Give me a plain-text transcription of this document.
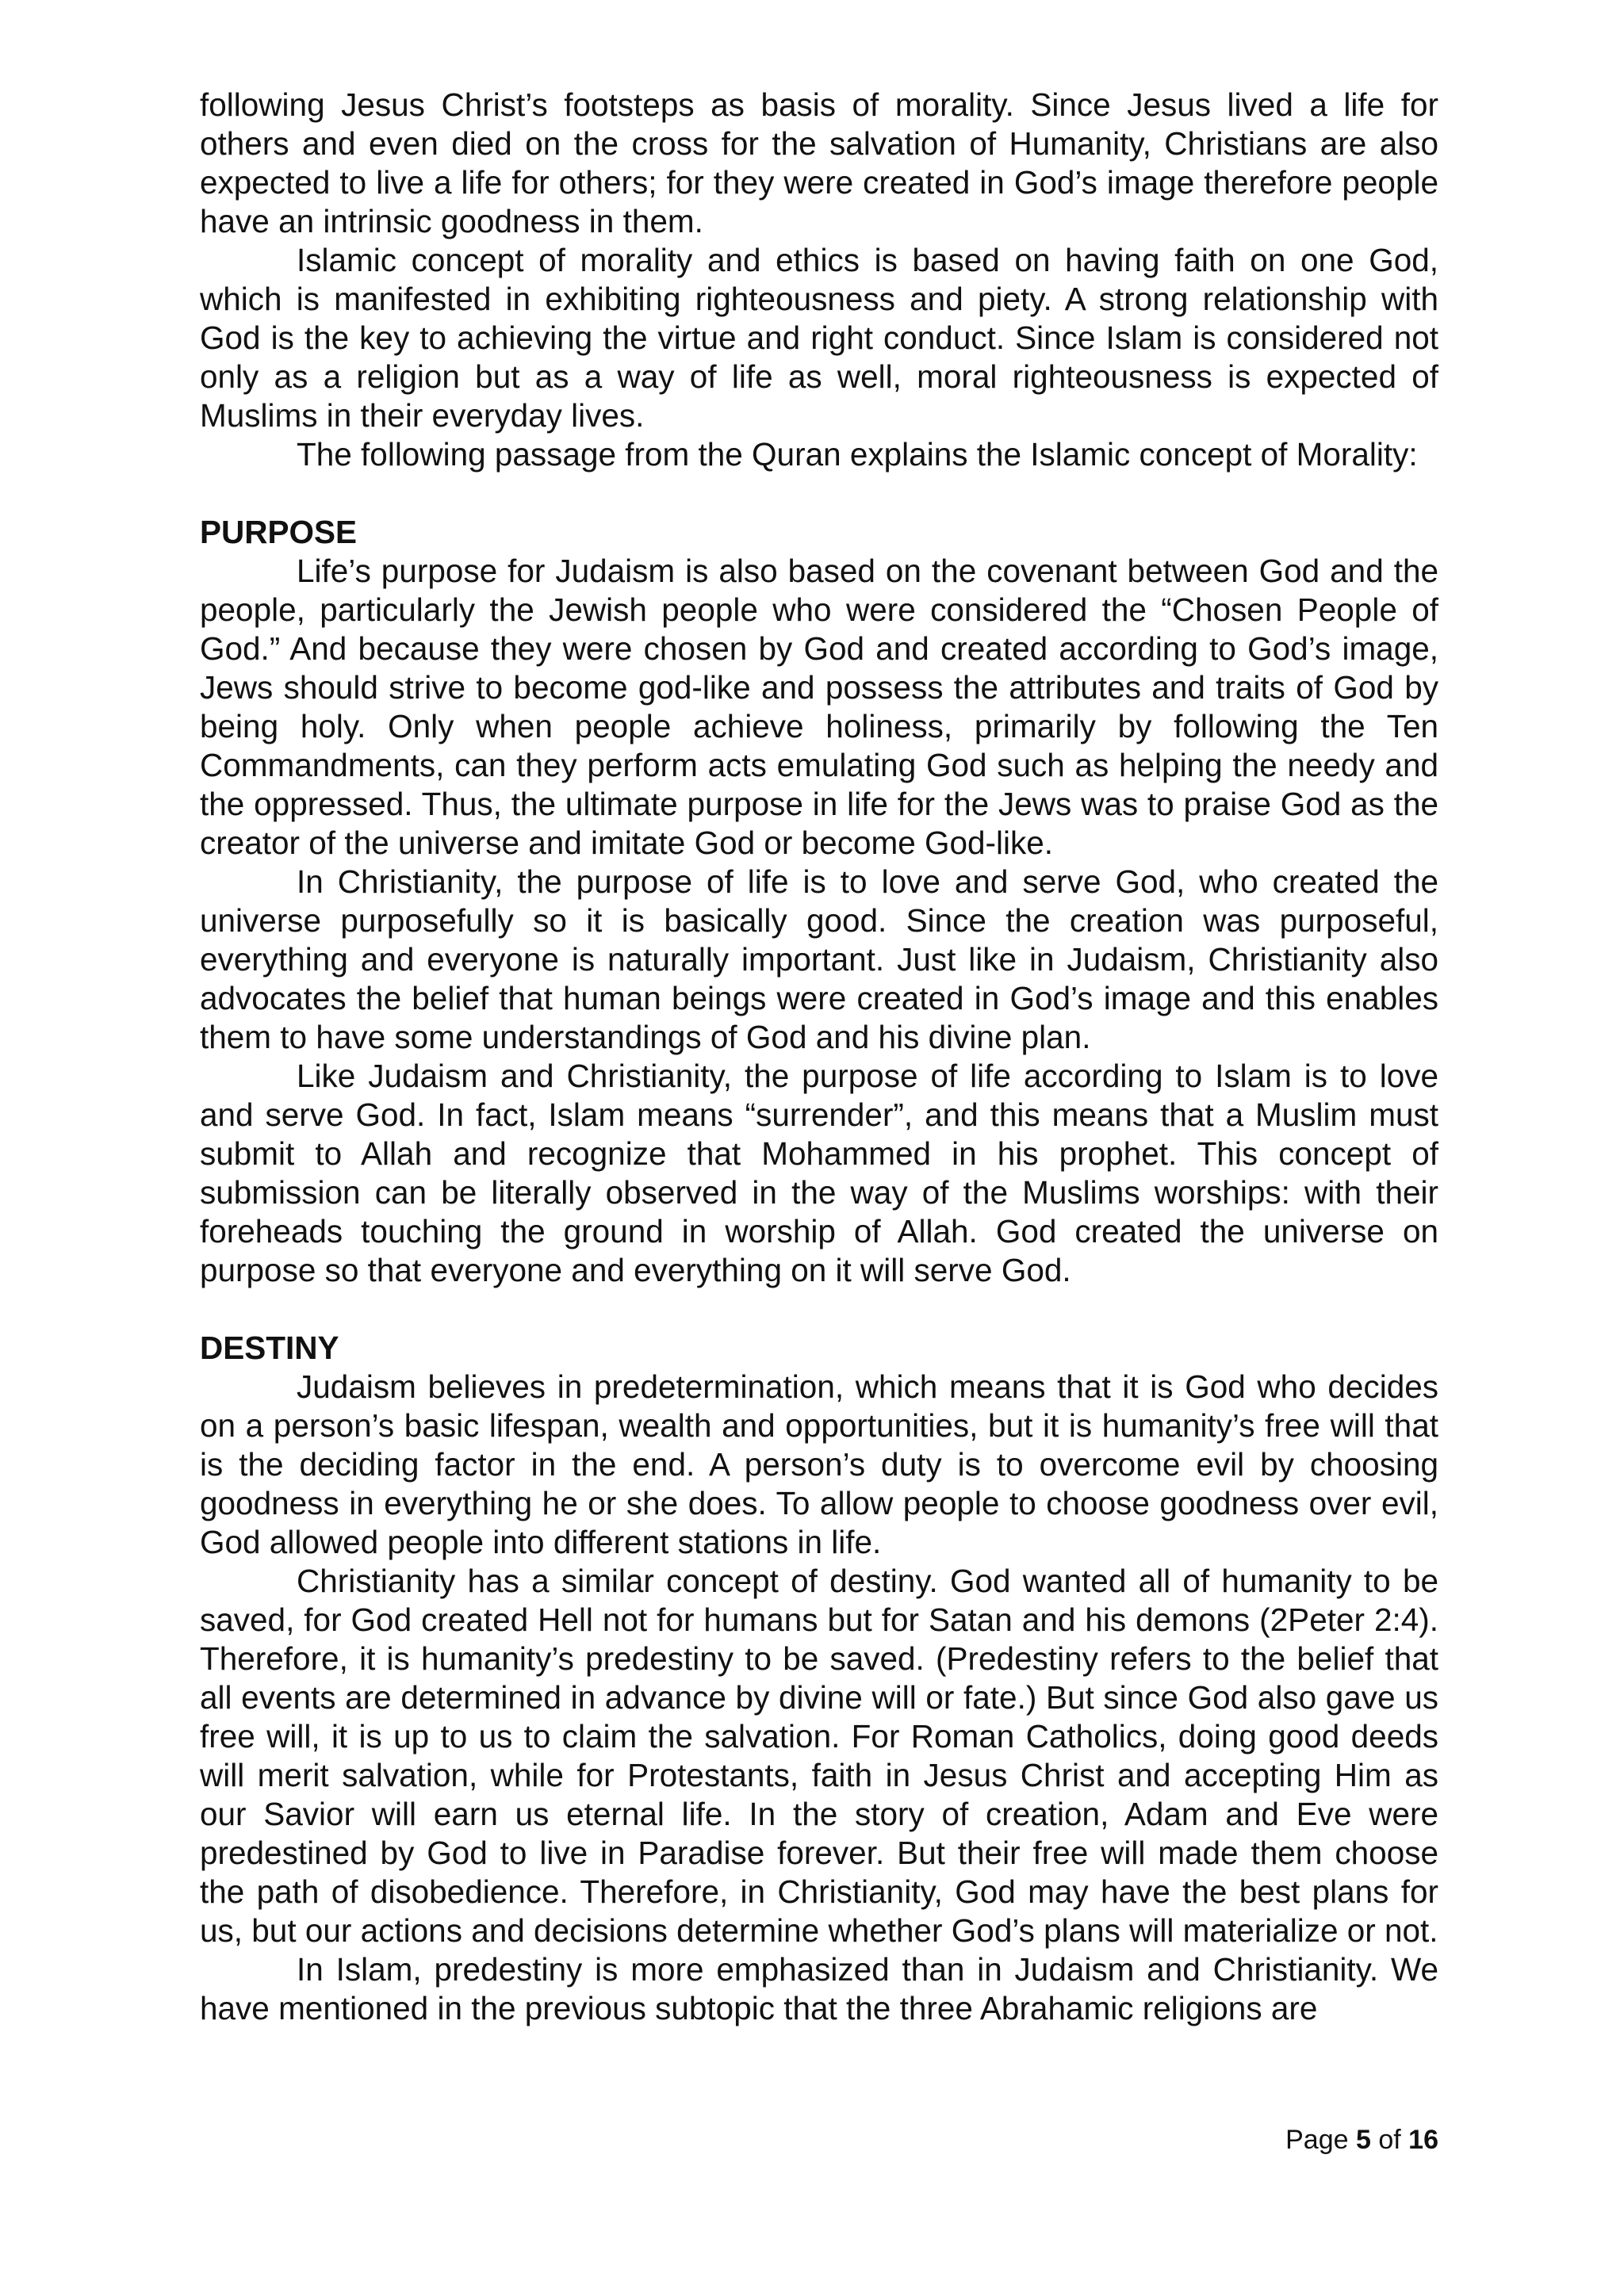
following Jesus Christ’s footsteps as basis of morality. Since Jesus lived a life for others and even died on the cross for the salvation of Humanity, Christians are also expected to live a life for others; for they were created in God’s image therefore people have an intrinsic goodness in them.

Islamic concept of morality and ethics is based on having faith on one God, which is manifested in exhibiting righteousness and piety. A strong relationship with God is the key to achieving the virtue and right conduct. Since Islam is considered not only as a religion but as a way of life as well, moral righteousness is expected of Muslims in their everyday lives.

The following passage from the Quran explains the Islamic concept of Morality:

PURPOSE

Life’s purpose for Judaism is also based on the covenant between God and the people, particularly the Jewish people who were considered the “Chosen People of God.” And because they were chosen by God and created according to God’s image, Jews should strive to become god-like and possess the attributes and traits of God by being holy. Only when people achieve holiness, primarily by following the Ten Commandments, can they perform acts emulating God such as helping the needy and the oppressed. Thus, the ultimate purpose in life for the Jews was to praise God as the creator of the universe and imitate God or become God-like.

In Christianity, the purpose of life is to love and serve God, who created the universe purposefully so it is basically good. Since the creation was purposeful, everything and everyone is naturally important. Just like in Judaism, Christianity also advocates the belief that human beings were created in God’s image and this enables them to have some understandings of God and his divine plan.

Like Judaism and Christianity, the purpose of life according to Islam is to love and serve God. In fact, Islam means “surrender”, and this means that a Muslim must submit to Allah and recognize that Mohammed in his prophet. This concept of submission can be literally observed in the way of the Muslims worships: with their foreheads touching the ground in worship of Allah. God created the universe on purpose so that everyone and everything on it will serve God.

DESTINY

Judaism believes in predetermination, which means that it is God who decides on a person’s basic lifespan, wealth and opportunities, but it is humanity’s free will that is the deciding factor in the end. A person’s duty is to overcome evil by choosing goodness in everything he or she does. To allow people to choose goodness over evil, God allowed people into different stations in life.

Christianity has a similar concept of destiny. God wanted all of humanity to be saved, for God created Hell not for humans but for Satan and his demons (2Peter 2:4). Therefore, it is humanity’s predestiny to be saved. (Predestiny refers to the belief that all events are determined in advance by divine will or fate.) But since God also gave us free will, it is up to us to claim the salvation. For Roman Catholics, doing good deeds will merit salvation, while for Protestants, faith in Jesus Christ and accepting Him as our Savior will earn us eternal life. In the story of creation, Adam and Eve were predestined by God to live in Paradise forever. But their free will made them choose the path of disobedience. Therefore, in Christianity, God may have the best plans for us, but our actions and decisions determine whether God’s plans will materialize or not.

In Islam, predestiny is more emphasized than in Judaism and Christianity. We have mentioned in the previous subtopic that the three Abrahamic religions are

Page 5 of 16
